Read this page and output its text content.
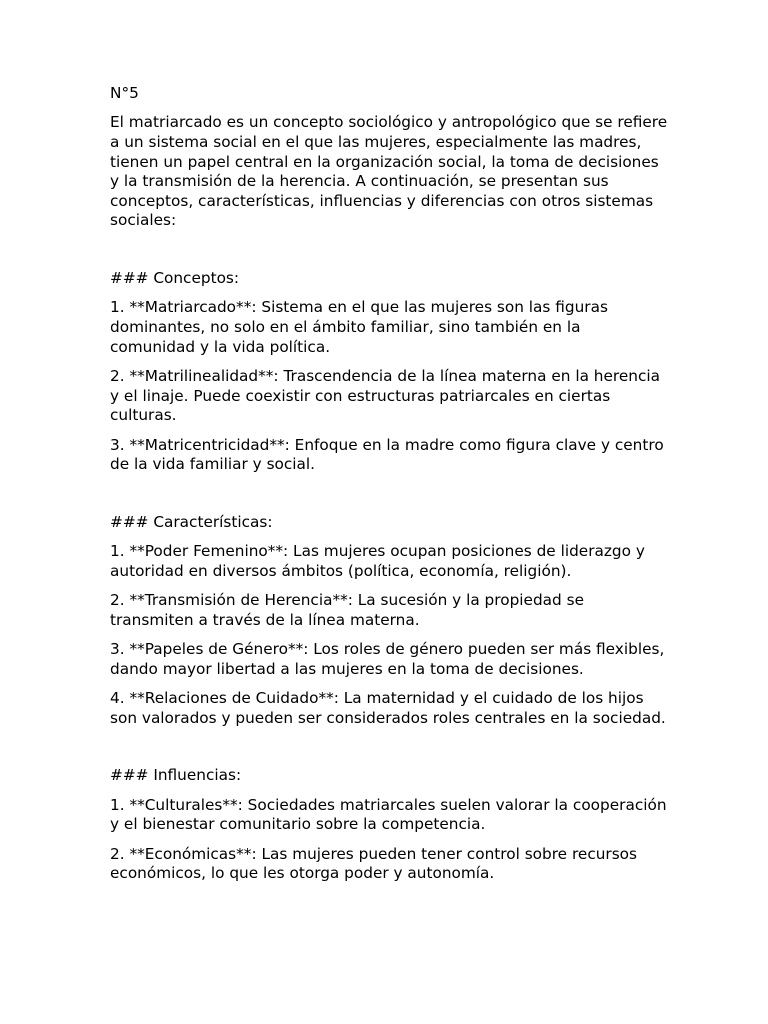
N°5

El matriarcado es un concepto sociológico y antropológico que se refiere a un sistema social en el que las mujeres, especialmente las madres, tienen un papel central en la organización social, la toma de decisiones y la transmisión de la herencia. A continuación, se presentan sus conceptos, características, influencias y diferencias con otros sistemas sociales:

### Conceptos:

1. **Matriarcado**: Sistema en el que las mujeres son las figuras dominantes, no solo en el ámbito familiar, sino también en la comunidad y la vida política.

2. **Matrilinealidad**: Trascendencia de la línea materna en la herencia y el linaje. Puede coexistir con estructuras patriarcales en ciertas culturas.

3. **Matricentricidad**: Enfoque en la madre como figura clave y centro de la vida familiar y social.

### Características:

1. **Poder Femenino**: Las mujeres ocupan posiciones de liderazgo y autoridad en diversos ámbitos (política, economía, religión).

2. **Transmisión de Herencia**: La sucesión y la propiedad se transmiten a través de la línea materna.

3. **Papeles de Género**: Los roles de género pueden ser más flexibles, dando mayor libertad a las mujeres en la toma de decisiones.

4. **Relaciones de Cuidado**: La maternidad y el cuidado de los hijos son valorados y pueden ser considerados roles centrales en la sociedad.

### Influencias:

1. **Culturales**: Sociedades matriarcales suelen valorar la cooperación y el bienestar comunitario sobre la competencia.

2. **Económicas**: Las mujeres pueden tener control sobre recursos económicos, lo que les otorga poder y autonomía.
